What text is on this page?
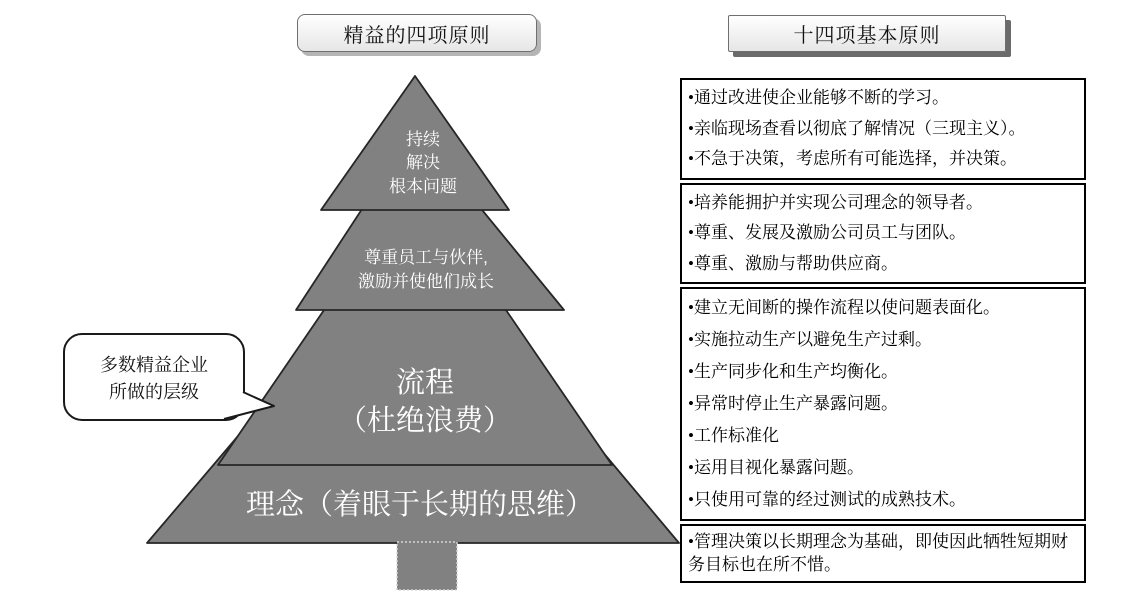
持续
解决
根本问题
尊重员工与伙伴,
激励并使他们成长
流程
（杜绝浪费）
理念（着眼于长期的思维）
多数精益企业
所做的层级
精益的四项原则	十四项基本原则
•通过改进使企业能够不断的学习。
•亲临现场查看以彻底了解情况（三现主义）。
•不急于决策，考虑所有可能选择，并决策。
•培养能拥护并实现公司理念的领导者。
•尊重、发展及激励公司员工与团队。
•尊重、激励与帮助供应商。
•建立无间断的操作流程以使问题表面化。
•实施拉动生产以避免生产过剩。
•生产同步化和生产均衡化。
•异常时停止生产暴露问题。
•工作标准化
•运用目视化暴露问题。
•只使用可靠的经过测试的成熟技术。
•管理决策以长期理念为基础，即使因此牺牲短期财务目标也在所不惜。
